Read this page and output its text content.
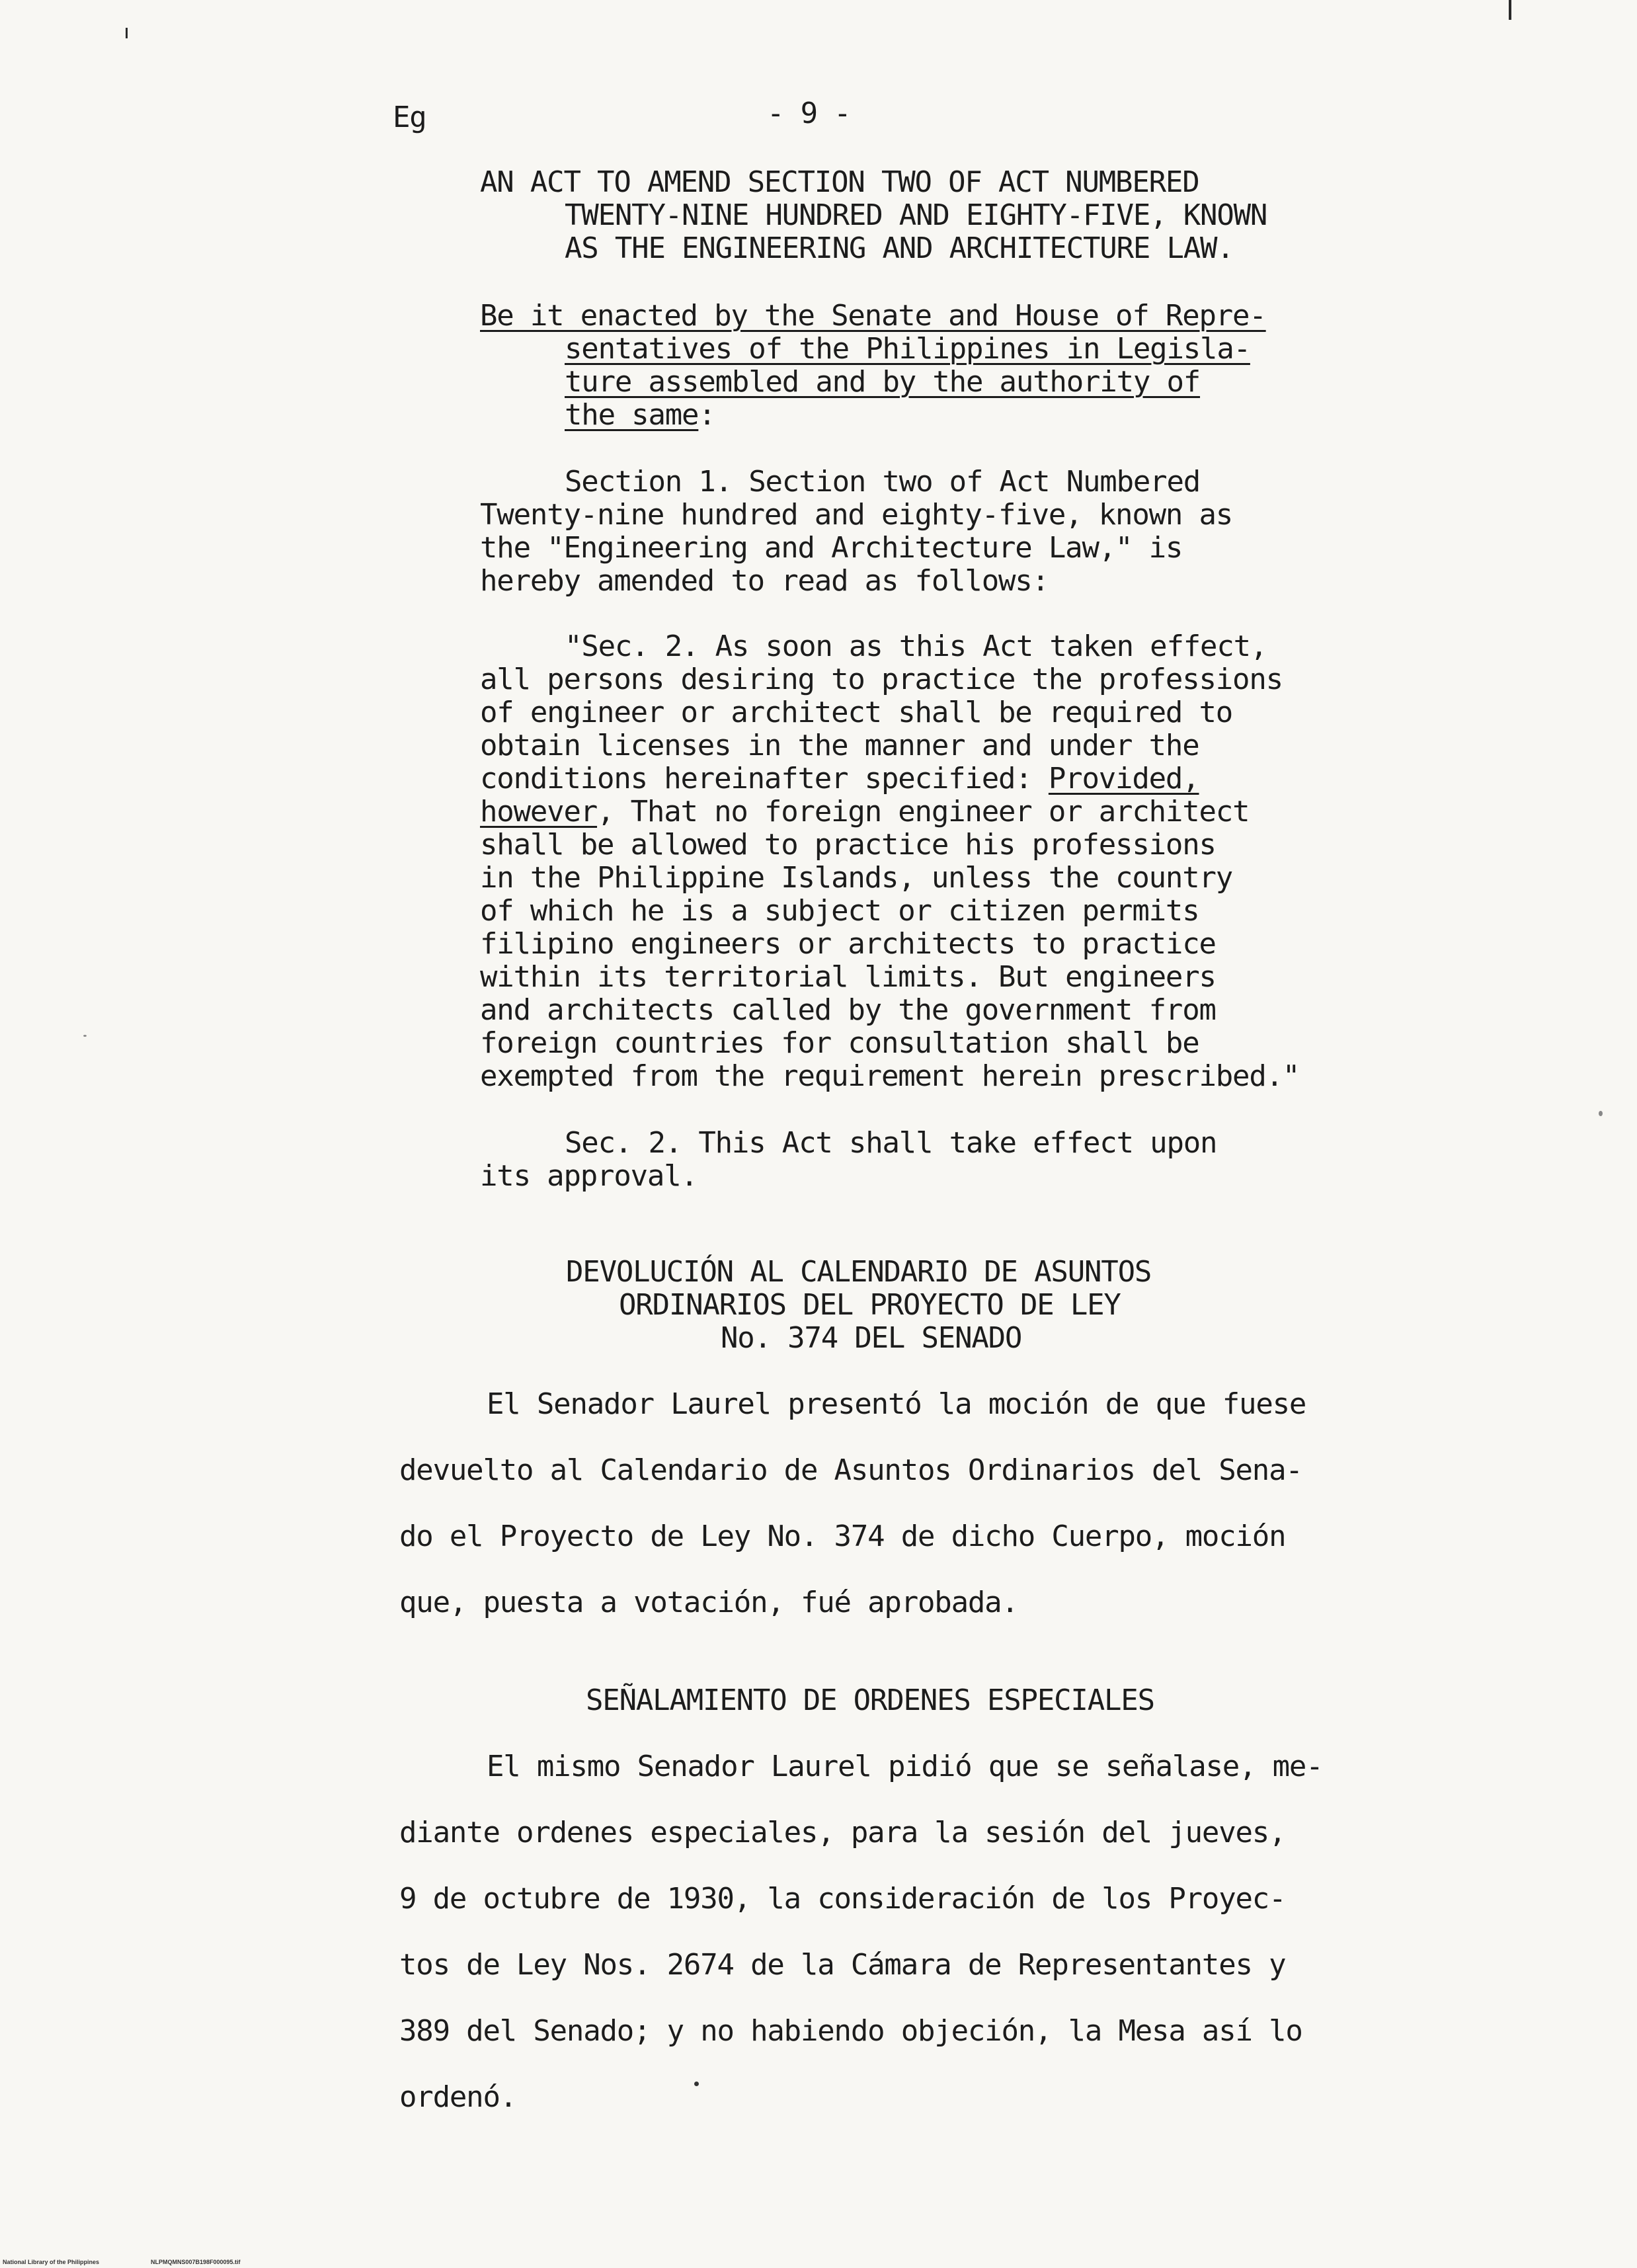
Eg	- 9 -
AN ACT TO AMEND SECTION TWO OF ACT NUMBERED
TWENTY-NINE HUNDRED AND EIGHTY-FIVE, KNOWN
AS THE ENGINEERING AND ARCHITECTURE LAW.
Be it enacted by the Senate and House of Repre-
sentatives of the Philippines in Legisla-
ture assembled and by the authority of
the same:
Section 1. Section two of Act Numbered
Twenty-nine hundred and eighty-five, known as
the "Engineering and Architecture Law," is
hereby amended to read as follows:
"Sec. 2. As soon as this Act taken effect,
all persons desiring to practice the professions
of engineer or architect shall be required to
obtain licenses in the manner and under the
conditions hereinafter specified: Provided,
however, That no foreign engineer or architect
shall be allowed to practice his professions
in the Philippine Islands, unless the country
of which he is a subject or citizen permits
filipino engineers or architects to practice
within its territorial limits. But engineers
and architects called by the government from
foreign countries for consultation shall be
exempted from the requirement herein prescribed."
Sec. 2. This Act shall take effect upon
its approval.
DEVOLUCIÓN AL CALENDARIO DE ASUNTOS
ORDINARIOS DEL PROYECTO DE LEY
No. 374 DEL SENADO
El Senador Laurel presentó la moción de que fuese
devuelto al Calendario de Asuntos Ordinarios del Sena-
do el Proyecto de Ley No. 374 de dicho Cuerpo, moción
que, puesta a votación, fué aprobada.
SEÑALAMIENTO DE ORDENES ESPECIALES
El mismo Senador Laurel pidió que se señalase, me-
diante ordenes especiales, para la sesión del jueves,
9 de octubre de 1930, la consideración de los Proyec-
tos de Ley Nos. 2674 de la Cámara de Representantes y
389 del Senado; y no habiendo objeción, la Mesa así lo
ordenó.
National Library of the Philippines	NLPMQMNS007B198F000095.tif
